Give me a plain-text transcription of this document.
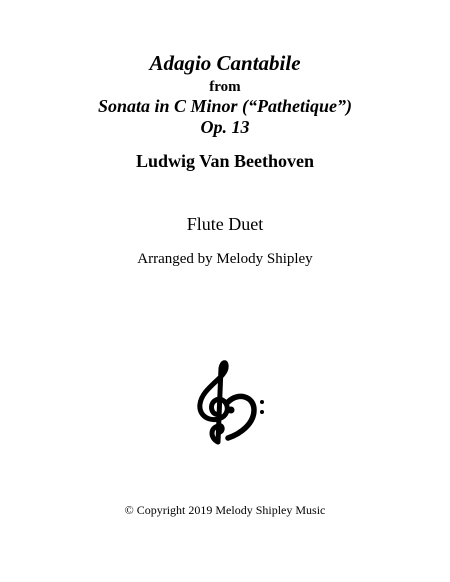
Adagio Cantabile
from
Sonata in C Minor (“Pathetique”)
Op. 13
Ludwig Van Beethoven
Flute Duet
Arranged by Melody Shipley
© Copyright 2019 Melody Shipley Music
